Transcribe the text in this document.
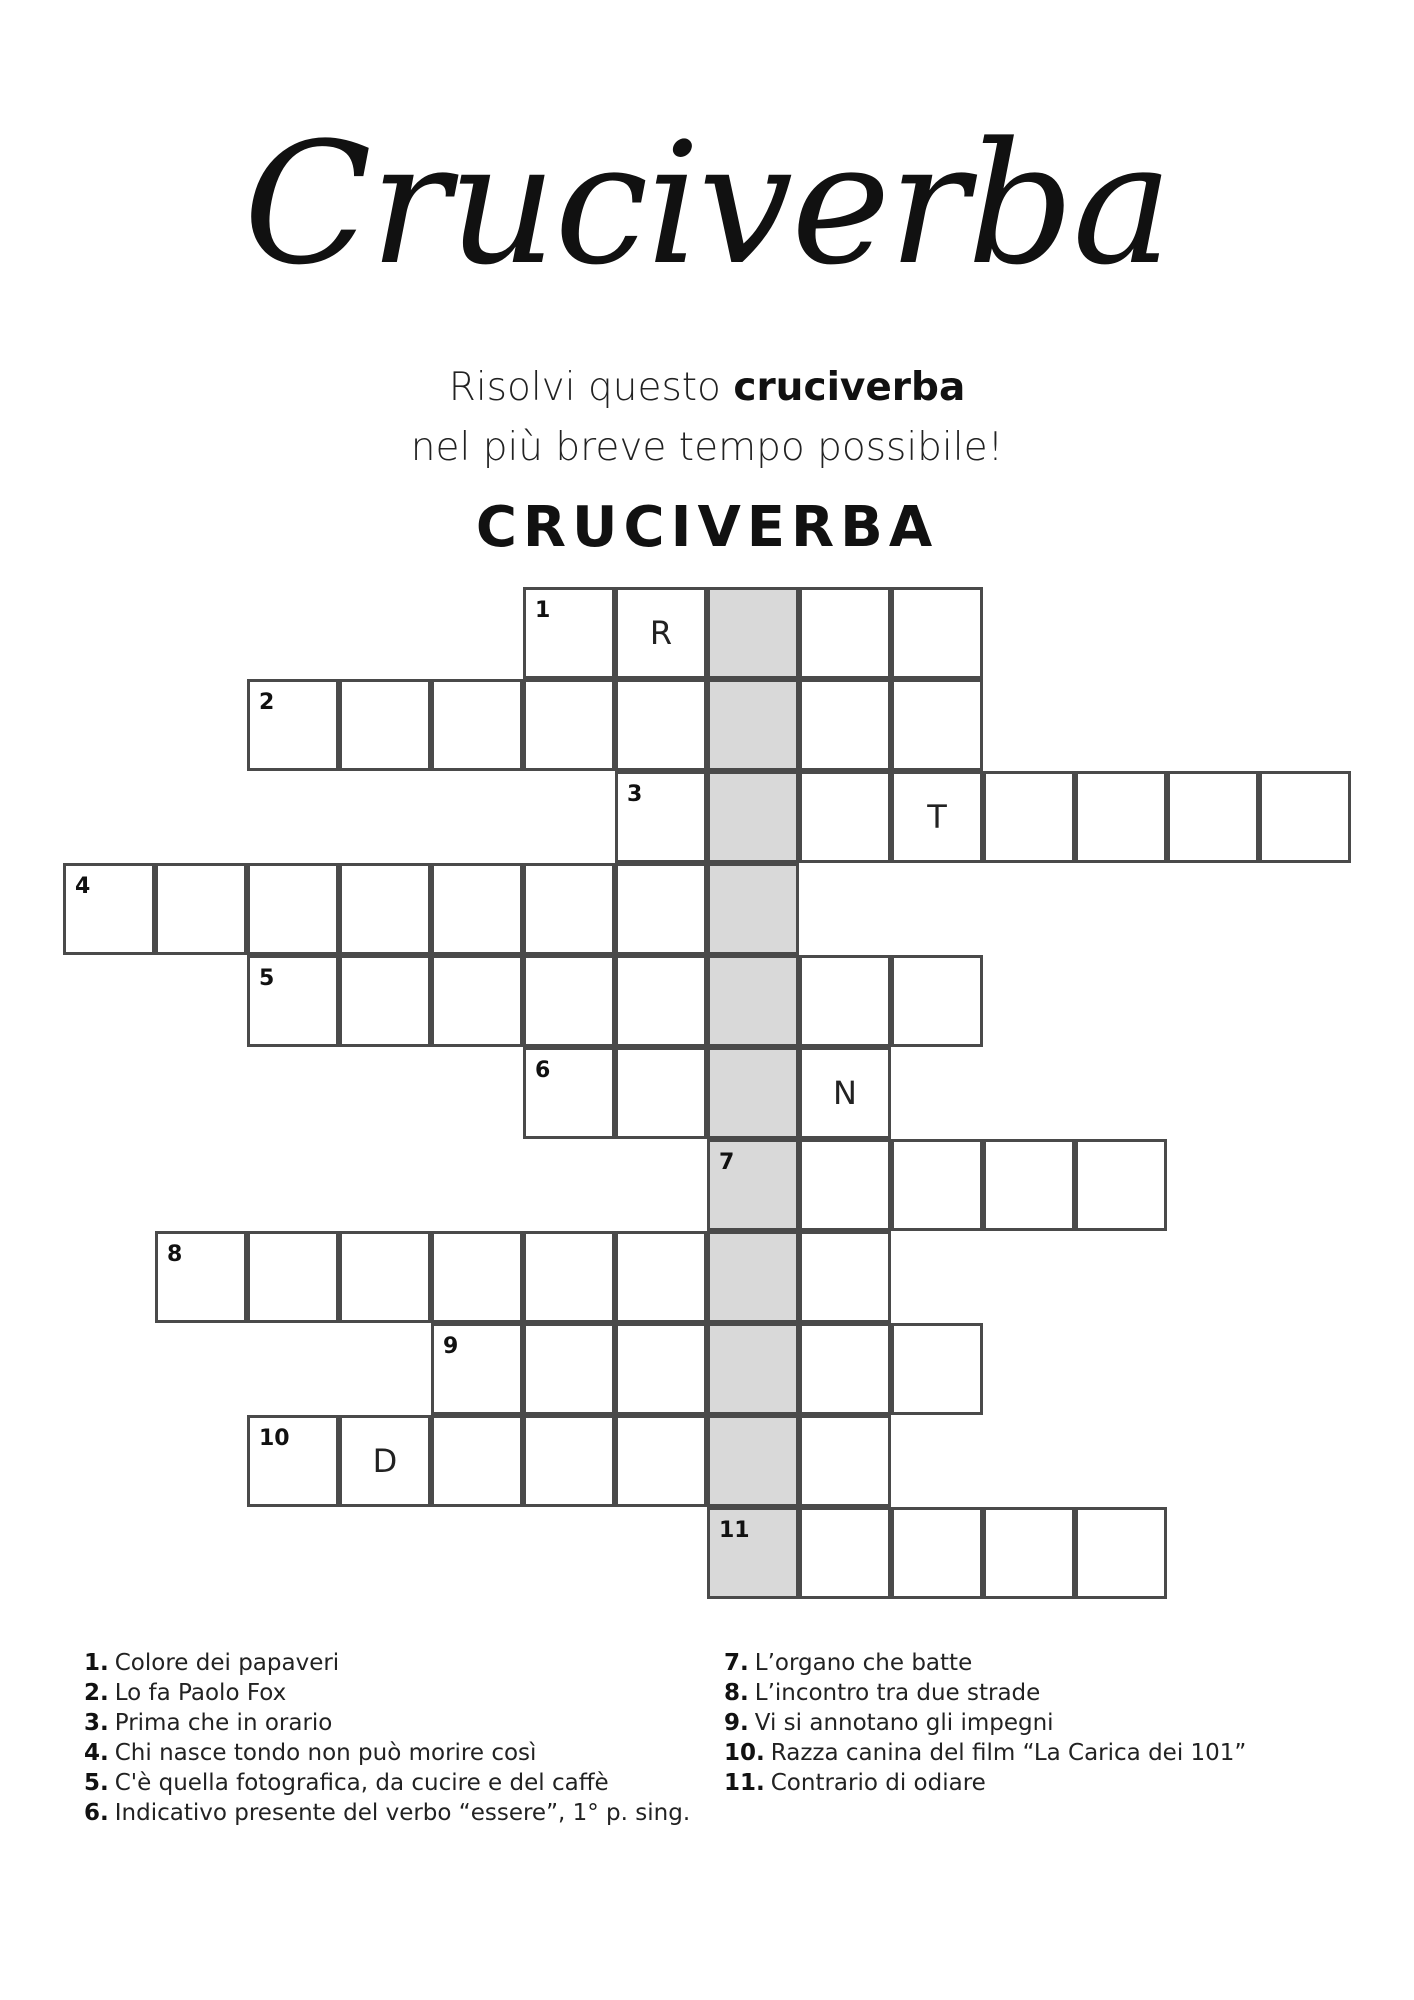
Cruciverba
Risolvi questo cruciverba
nel più breve tempo possibile!
CRUCIVERBA
1
R
2
3
T
4
5
6
N
7
8
9
10
D
11
1. Colore dei papaveri
2. Lo fa Paolo Fox
3. Prima che in orario
4. Chi nasce tondo non può morire così
5. C'è quella fotografica, da cucire e del caffè
6. Indicativo presente del verbo “essere”, 1° p. sing.
7. L’organo che batte
8. L’incontro tra due strade
9. Vi si annotano gli impegni
10. Razza canina del film “La Carica dei 101”
11. Contrario di odiare
